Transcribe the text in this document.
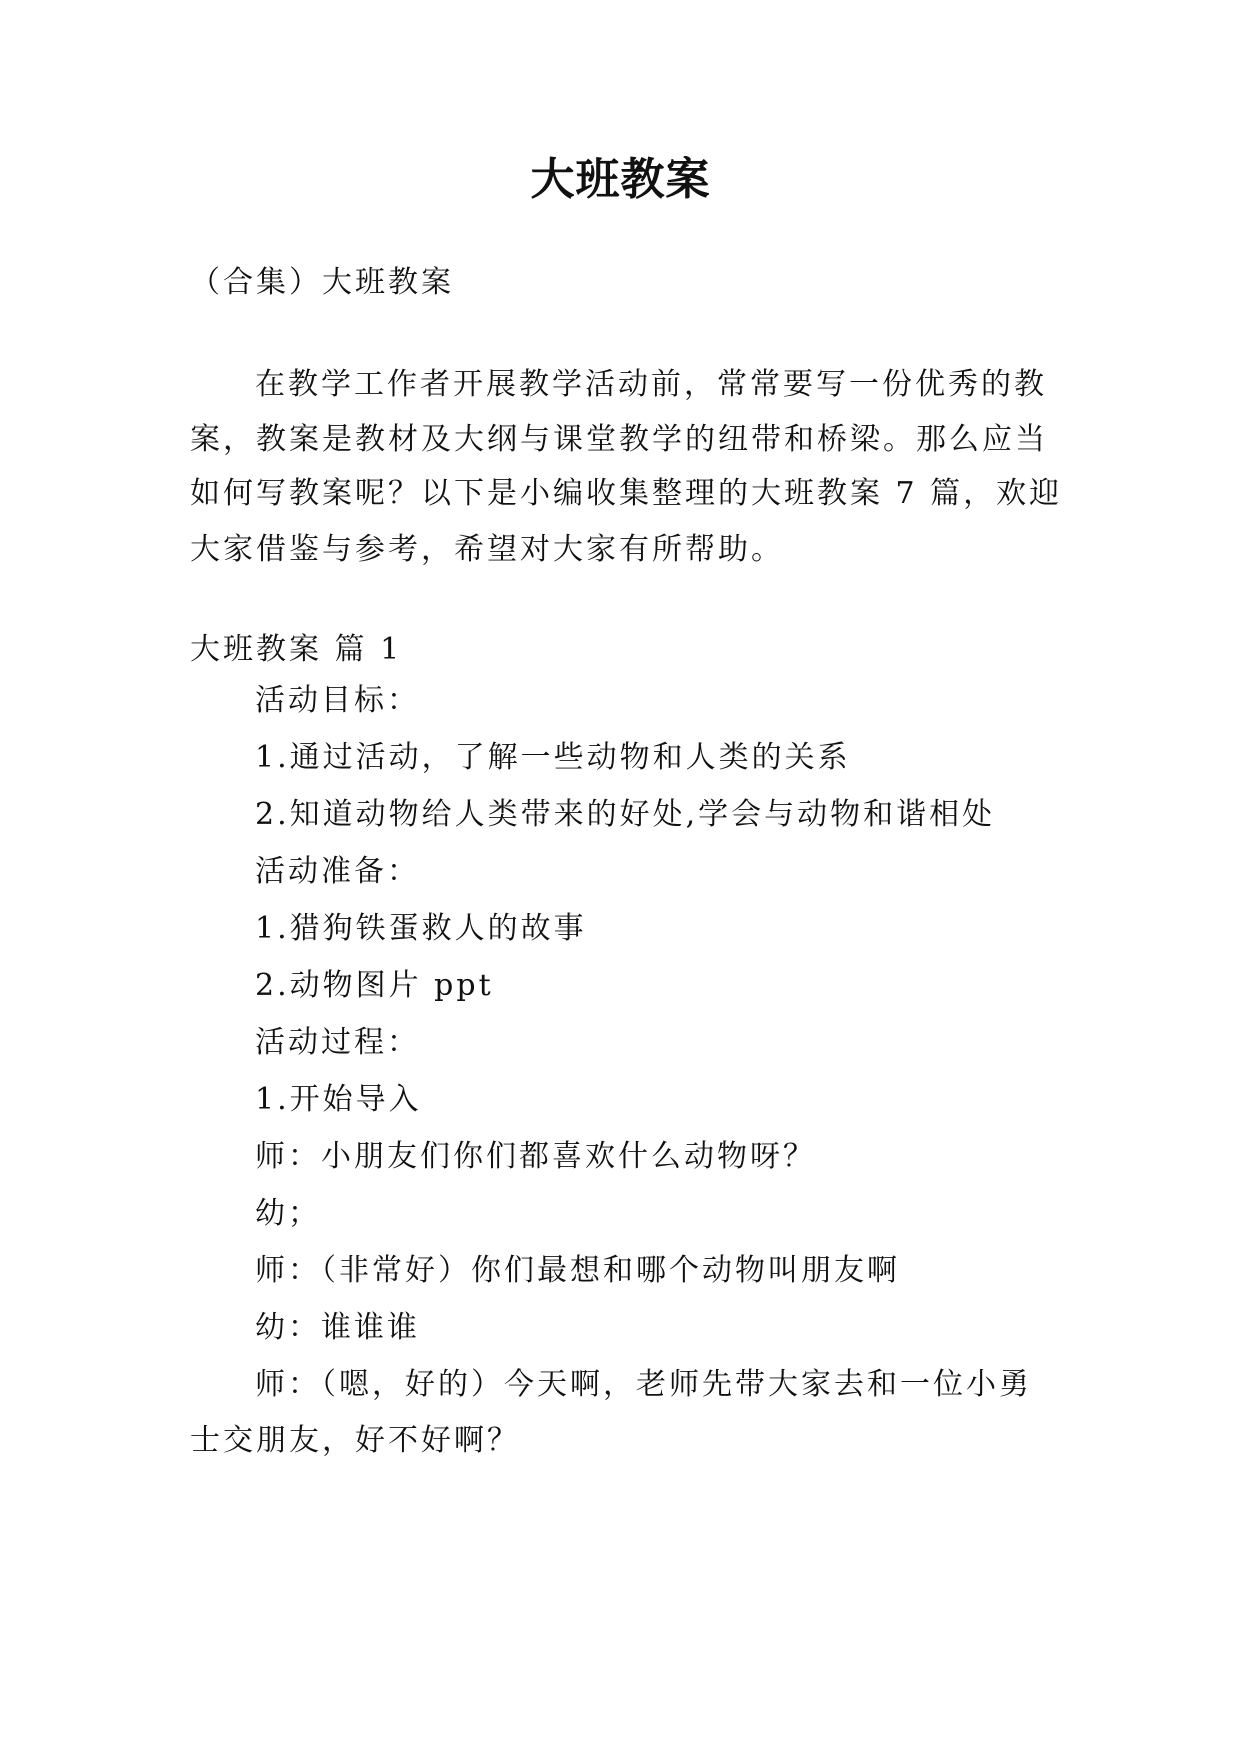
大班教案
（合集）大班教案
在教学工作者开展教学活动前，常常要写一份优秀的教
案，教案是教材及大纲与课堂教学的纽带和桥梁。那么应当
如何写教案呢？以下是小编收集整理的大班教案 7 篇，欢迎
大家借鉴与参考，希望对大家有所帮助。
大班教案 篇 1
活动目标：
1.通过活动，了解一些动物和人类的关系
2.知道动物给人类带来的好处,学会与动物和谐相处
活动准备：
1.猎狗铁蛋救人的故事
2.动物图片 ppt
活动过程：
1.开始导入
师：小朋友们你们都喜欢什么动物呀？
幼；
师：（非常好）你们最想和哪个动物叫朋友啊
幼：谁谁谁
师：（嗯，好的）今天啊，老师先带大家去和一位小勇
士交朋友，好不好啊？
